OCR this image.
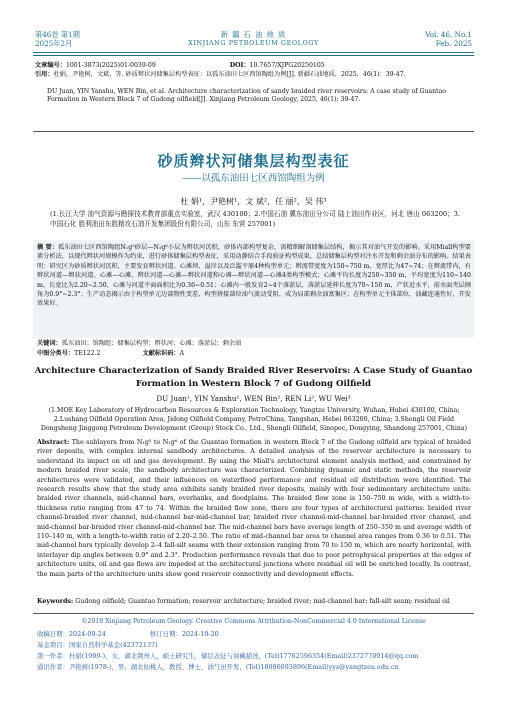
第46卷 第1期
2025年2月
新 疆 石 油 地 质
XINJIANG PETROLEUM GEOLOGY
Vol. 46, No.1
Feb. 2025
文章编号：1001-3873(2025)01-0039-09	DOI：10.7657/XJPG20250105
引用：杜娟，尹艳树，文斌，等. 砂质辫状河储集层构型表征：以孤东油田七区西馆陶组为例[J]. 新疆石油地质，2025，46(1)：39-47.
DU Juan, YIN Yanshu, WEN Bin, et al. Architecture characterization of sandy braided river reservoirs: A case study of Guantao Formation in Western Block 7 of Gudong oilfield[J]. Xinjiang Petroleum Geology, 2025, 46(1): 39-47.
砂质辫状河储集层构型表征
——以孤东油田七区西馆陶组为例
杜 娟¹，尹艳树¹，文 斌²，任 丽²，吴 伟³
(1.长江大学 油气资源与勘探技术教育部重点实验室，武汉 430100；2.中国石油 冀东油田分公司 陆上油田作业区，河北 唐山 063200；3.中国石化 胜利油田东胜精攻石油开发集团股份有限公司，山东 东营 257001)
摘 要：孤东油田七区西馆陶组N₁g⁵砂层—N₁g⁶小层为辫状河沉积，砂体内部构型复杂，需精细解剖储集层结构，揭示其对油气开发的影响。采用Miall构型要素分析法，以现代辫状河规模作为约束，进行砂体储集层构型表征，采用动静结合手段验证构型成果，总结储集层构型对注水开发和剩余油分布的影响。结果表明：研究区为砂质辫状河沉积，主要发育辫状河道、心滩坝、溢岸以及泛滥平原4种构型单元；辫流带宽度为150~750 m，宽厚比为47~74；在辫流带内，有辫状河道—辫状河道、心滩—心滩、辫状河道—心滩—辫状河道和心滩—辫状河道—心滩4类构型模式；心滩平均长度为250~350 m，平均宽度为110~140 m，长宽比为2.20~2.50，心滩与河道平面面积比为0.36~0.51；心滩内一般发育2~4个落淤层，落淤层延伸长度为70~150 m，产状近水平，前水面夹层倾角为0.9°~2.3°；生产动态揭示由于构型单元边部物性变差，构型拼接部位油气流动受阻，成为局部剩余油富集区；在构型单元主体部位，油藏连通性好，开发效果好。
关键词：孤东油田；馆陶组；储集层构型；辫状河；心滩；落淤层；剩余油
中图分类号：TE122.2	文献标识码：A
Architecture Characterization of Sandy Braided River Reservoirs: A Case Study of Guantao Formation in Western Block 7 of Gudong Oilfield
DU Juan¹, YIN Yanshu¹, WEN Bin², REN Li², WU Wei³
(1.MOE Key Laboratory of Hydrocarbon Resources & Exploration Technology, Yangtze University, Wuhan, Hubei 430100, China; 2.Lushang Oilfield Operation Area, Jidong Oilfield Company, PetroChina, Tangshan, Hebei 063200, China; 3.Shengli Oil Field Dongsheng Jinggong Petroleum Development (Group) Stock Co., Ltd., Shengli Oilfield, Sinopec, Dongying, Shandong 257001, China)
Abstract: The sublayers from N₁g⁵ to N₁g⁶ of the Guantao formation in western Block 7 of the Gudong oilfield are typical of braided river deposits, with complex internal sandbody architectures. A detailed analysis of the reservoir architecture is necessary to understand its impact on oil and gas development. By using the Miall's architectural element analysis method, and constrained by modern braided river scale, the sandbody architecture was characterized. Combining dynamic and static methods, the reservoir architectures were validated, and their influences on waterflood performance and residual oil distribution were identified. The research results show that the study area exhibits sandy braided river deposits, mainly with four sedimentary architecture units: braided river channels, mid-channel bars, overbanks, and floodplains. The braided flow zone is 150–750 m wide, with a width-to-thickness ratio ranging from 47 to 74. Within the braided flow zone, there are four types of architectural patterns: braided river channel-braided river channel, mid-channel bar-mid-channel bar, braided river channel-mid-channel bar-braided river channel, and mid-channel bar-braided river channel-mid-channel bar. The mid-channel bars have average length of 250–350 m and average width of 110–140 m, with a length-to-width ratio of 2.20–2.50. The ratio of mid-channel bar area to channel area ranges from 0.36 to 0.51. The mid-channel bars typically develop 2–4 fall-silt seams with their extension ranging from 70 to 150 m, which are nearly horizontal, with interlayer dip angles between 0.9° and 2.3°. Production performance reveals that due to poor petrophysical properties at the edges of architecture units, oil and gas flows are impeded at the architectural junctions where residual oil will be enriched locally. In contrast, the main parts of the architecture units show good reservoir connectivity and development effects.
Keywords: Gudong oilfield; Guantao formation; reservoir architecture; braided river; mid-channel bar; fall-silt seam; residual oil
©2018 Xinjiang Petroleum Geology. Creative Commons Attribution-NonCommercial 4.0 International License
收稿日期：2024-09-24	修订日期：2024-10-20
基金项目：国家自然科学基金(42372137)
第一作者：杜娟(1999-)，女，湖北荆州人，硕士研究生，储层表征与油藏描述，(Tel)17762596354(Email)2372770914@qq.com
通讯作者：尹艳树(1978-)，男，湖北仙桃人，教授，博士，油气田开发，(Tel)18086093896(Email)yys@yangtzeu.edu.cn
